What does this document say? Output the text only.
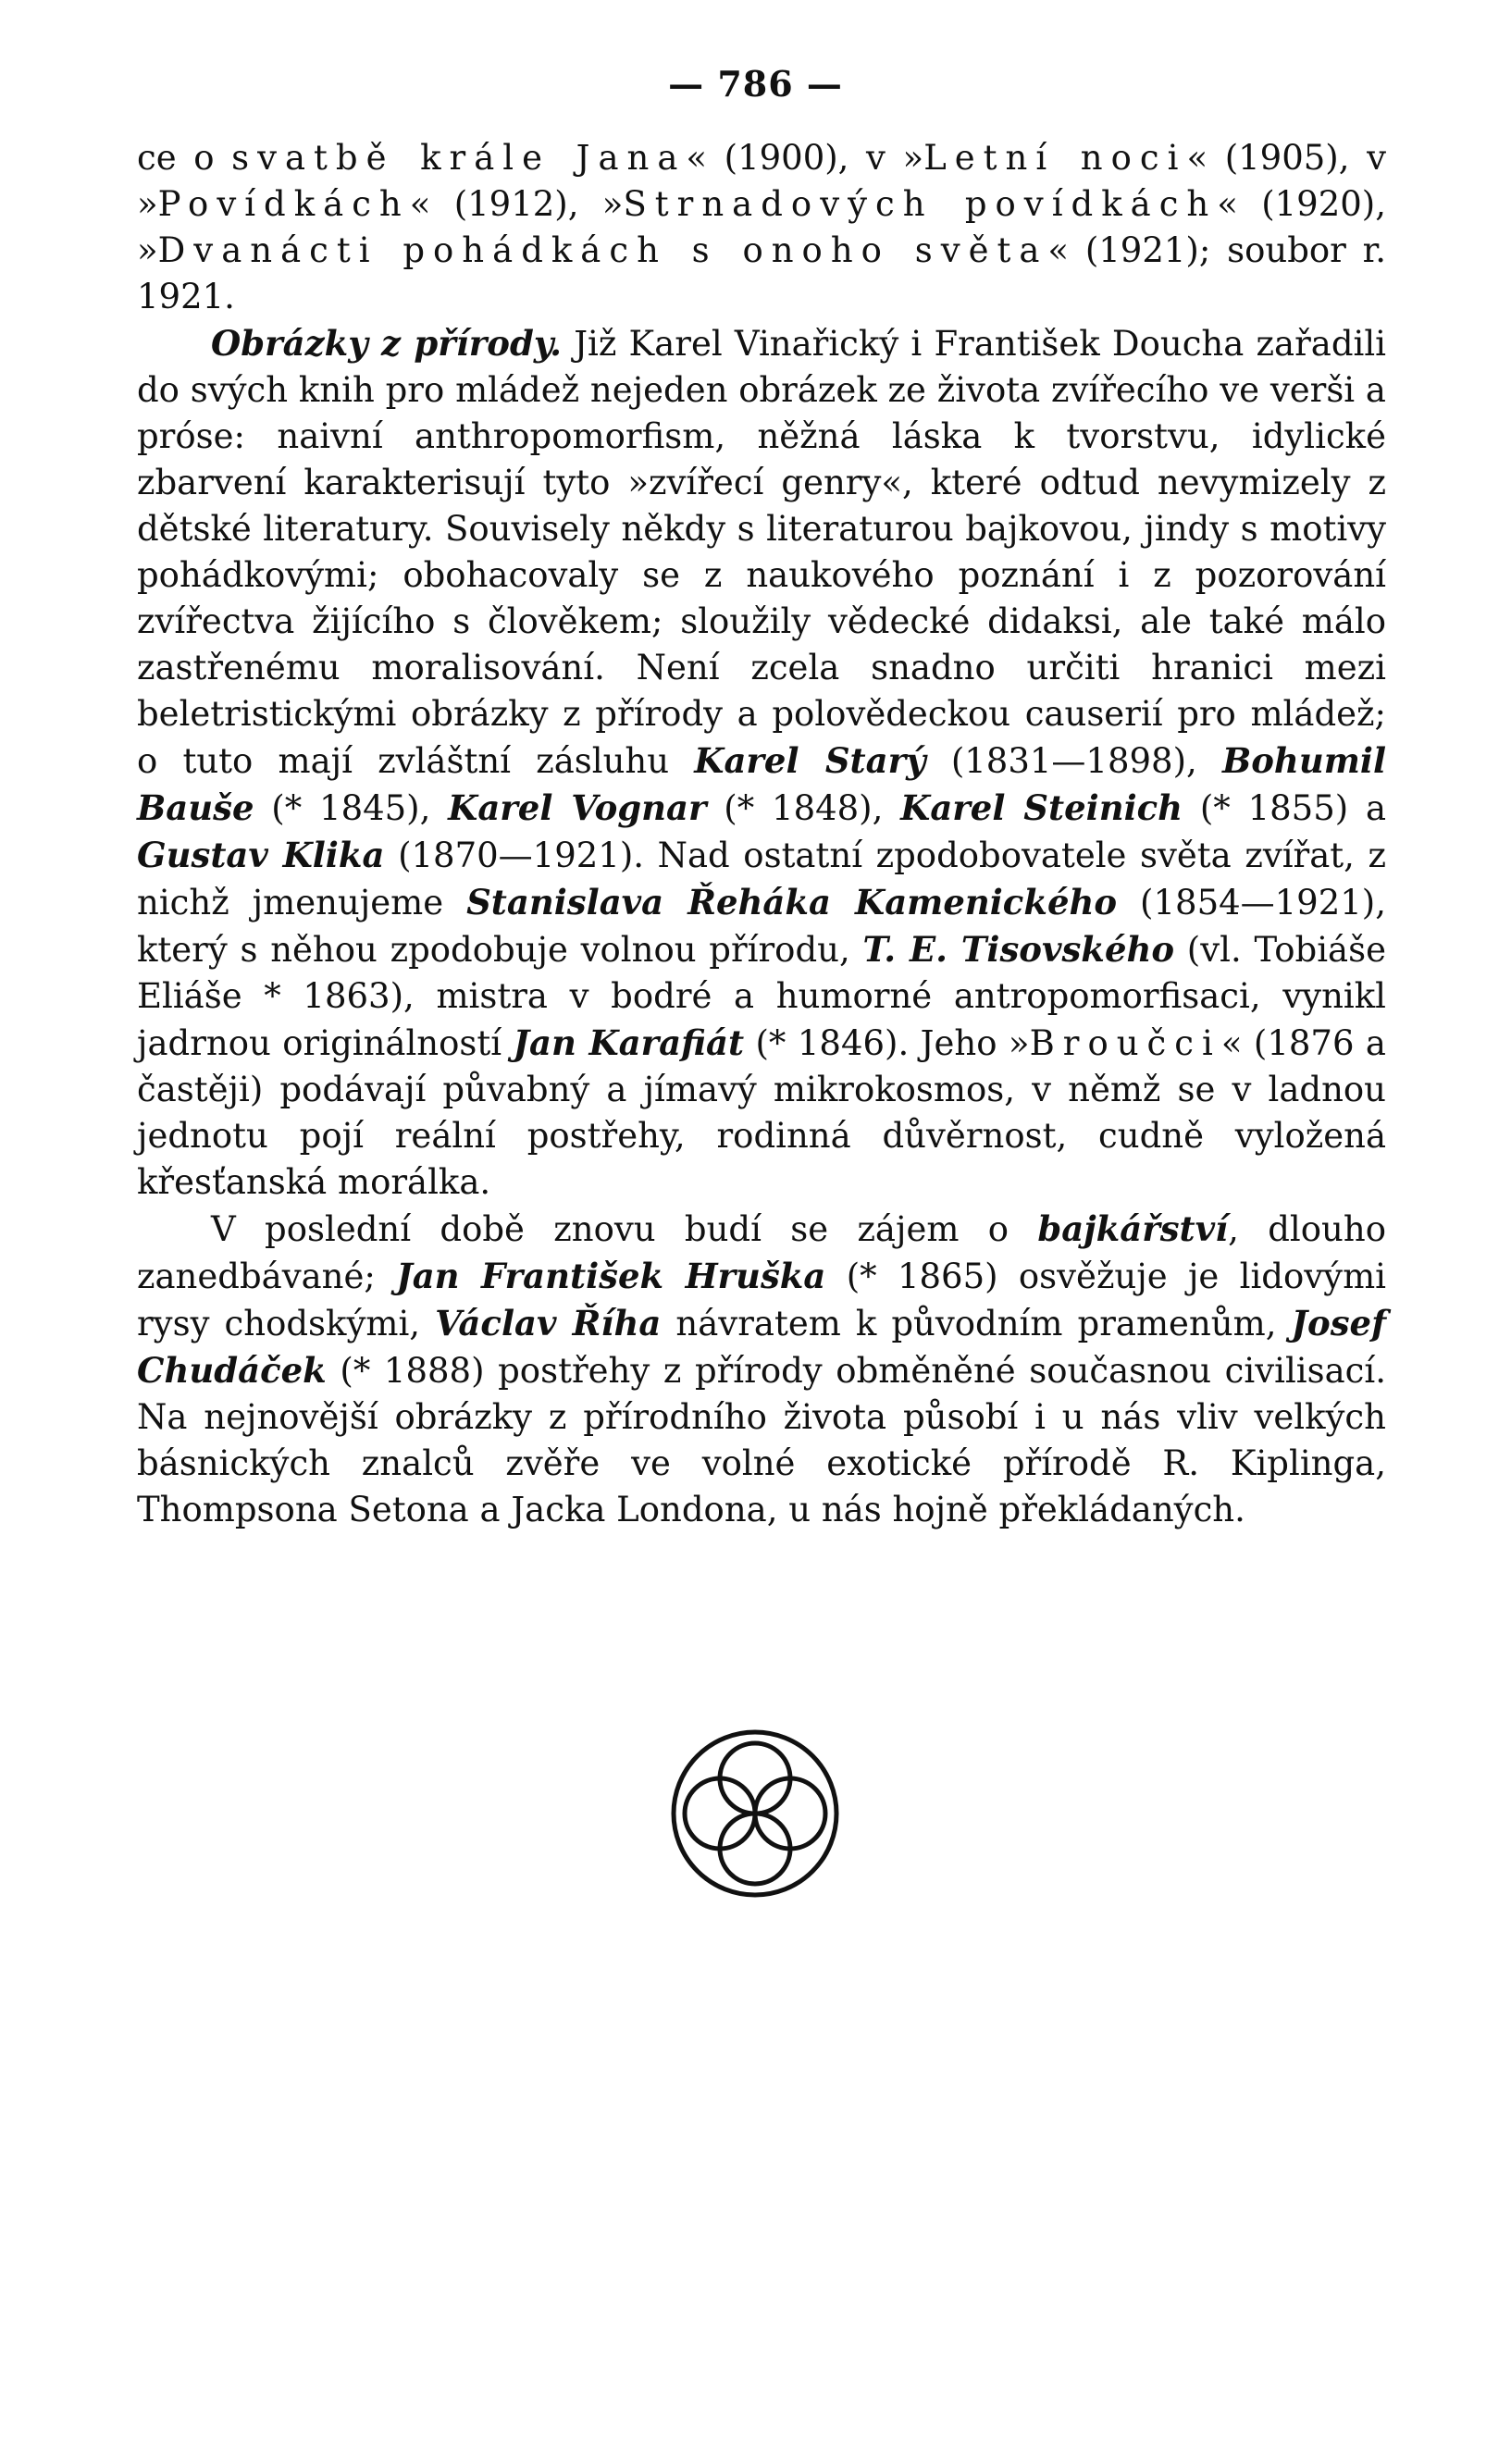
— 786 —

ce o svatbě krále Jana« (1900), v »Letní noci« (1905), v »Povídkách« (1912), »Strnadových povídkách« (1920), »Dvanácti pohádkách s onoho světa« (1921); soubor r. 1921.

Obrázky z přírody. Již Karel Vinařický i František Doucha zařadili do svých knih pro mládež nejeden obrázek ze života zvířecího ve verši a próse: naivní anthropomorfism, něžná láska k tvorstvu, idylické zbarvení karakterisují tyto »zvířecí genry«, které odtud nevymizely z dětské literatury. Souvisely někdy s literaturou bajkovou, jindy s motivy pohádkovými; obohacovaly se z naukového poznání i z pozorování zvířectva žijícího s člověkem; sloužily vědecké didaksi, ale také málo zastřenému moralisování. Není zcela snadno určiti hranici mezi beletristickými obrázky z přírody a polovědeckou causerií pro mládež; o tuto mají zvláštní zásluhu Karel Starý (1831—1898), Bohumil Bauše (* 1845), Karel Vognar (* 1848), Karel Steinich (* 1855) a Gustav Klika (1870—1921). Nad ostatní zpodobovatele světa zvířat, z nichž jmenujeme Stanislava Řeháka Kamenického (1854—1921), který s něhou zpodobuje volnou přírodu, T. E. Tisovského (vl. Tobiáše Eliáše * 1863), mistra v bodré a humorné antropomorfisaci, vynikl jadrnou originálností Jan Karafiát (* 1846). Jeho »Broučci« (1876 a častěji) podávají půvabný a jímavý mikrokosmos, v němž se v ladnou jednotu pojí reální postřehy, rodinná důvěrnost, cudně vyložená křesťanská morálka.

V poslední době znovu budí se zájem o bajkářství, dlouho zanedbávané; Jan František Hruška (* 1865) osvěžuje je lidovými rysy chodskými, Václav Říha návratem k původním pramenům, Josef Chudáček (* 1888) postřehy z přírody obměněné současnou civilisací. Na nejnovější obrázky z přírodního života působí i u nás vliv velkých básnických znalců zvěře ve volné exotické přírodě R. Kiplinga, Thompsona Setona a Jacka Londona, u nás hojně překládaných.
